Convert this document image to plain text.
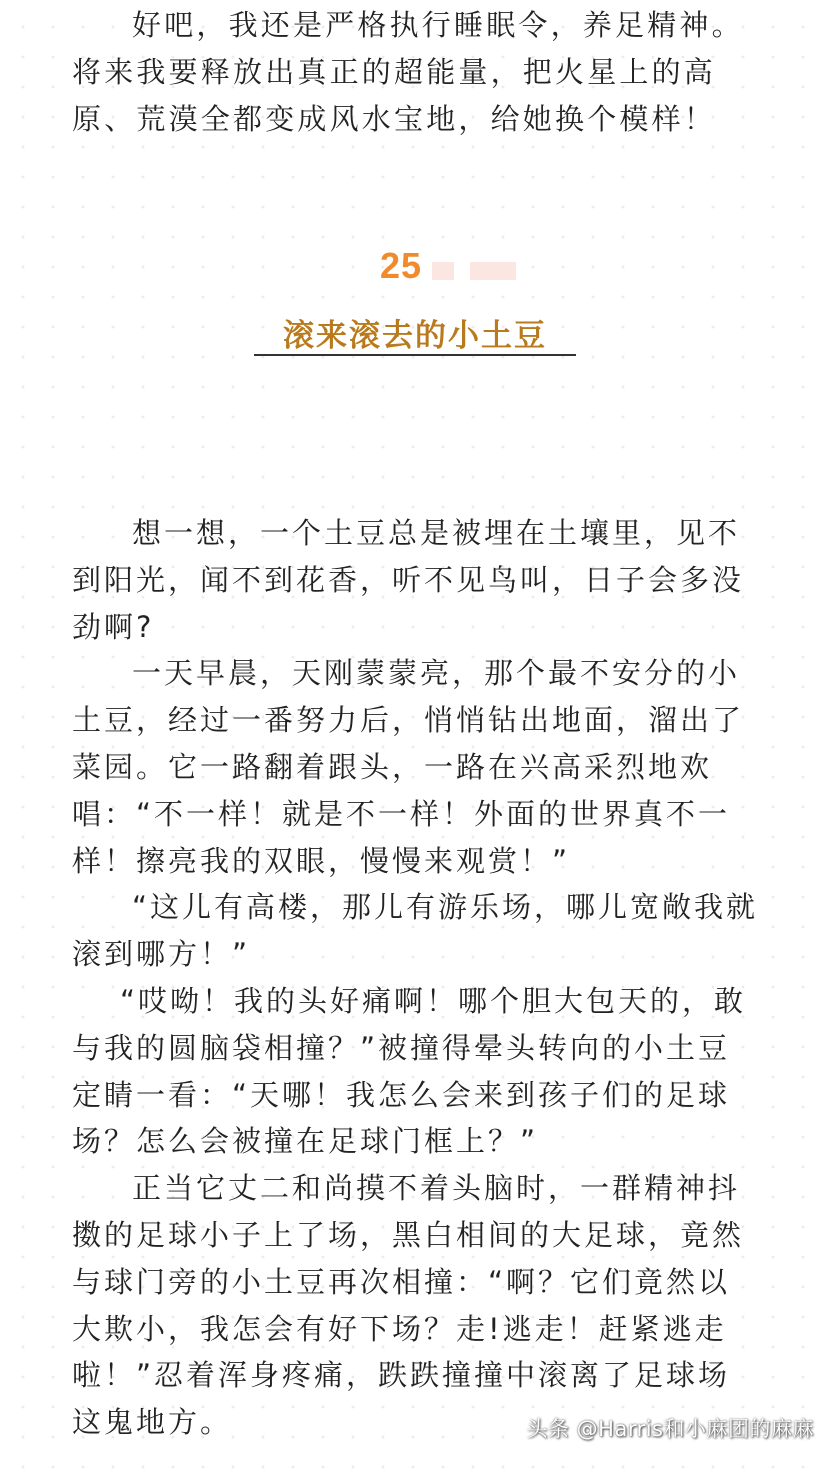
好吧，我还是严格执行睡眠令，养足精神。

将来我要释放出真正的超能量，把火星上的高

原、荒漠全都变成风水宝地，给她换个模样！

25
滚来滚去的小土豆

想一想，一个土豆总是被埋在土壤里，见不到阳光，闻不到花香，听不见鸟叫，日子会多没劲啊?

一天早晨，天刚蒙蒙亮，那个最不安分的小土豆，经过一番努力后，悄悄钻出地面，溜出了菜园。它一路翻着跟头，一路在兴高采烈地欢唱：“不一样！就是不一样！外面的世界真不一样！擦亮我的双眼，慢慢来观赏！”

“这儿有高楼，那儿有游乐场，哪儿宽敞我就滚到哪方！”

“哎呦！我的头好痛啊！哪个胆大包天的，敢与我的圆脑袋相撞？”被撞得晕头转向的小土豆定睛一看：“天哪！我怎么会来到孩子们的足球场？怎么会被撞在足球门框上？”

正当它丈二和尚摸不着头脑时，一群精神抖擞的足球小子上了场，黑白相间的大足球，竟然与球门旁的小土豆再次相撞：“啊？它们竟然以大欺小，我怎会有好下场？走!逃走！赶紧逃走啦！”忍着浑身疼痛，跌跌撞撞中滚离了足球场这鬼地方。	头条 @Harris和小麻团的麻麻
